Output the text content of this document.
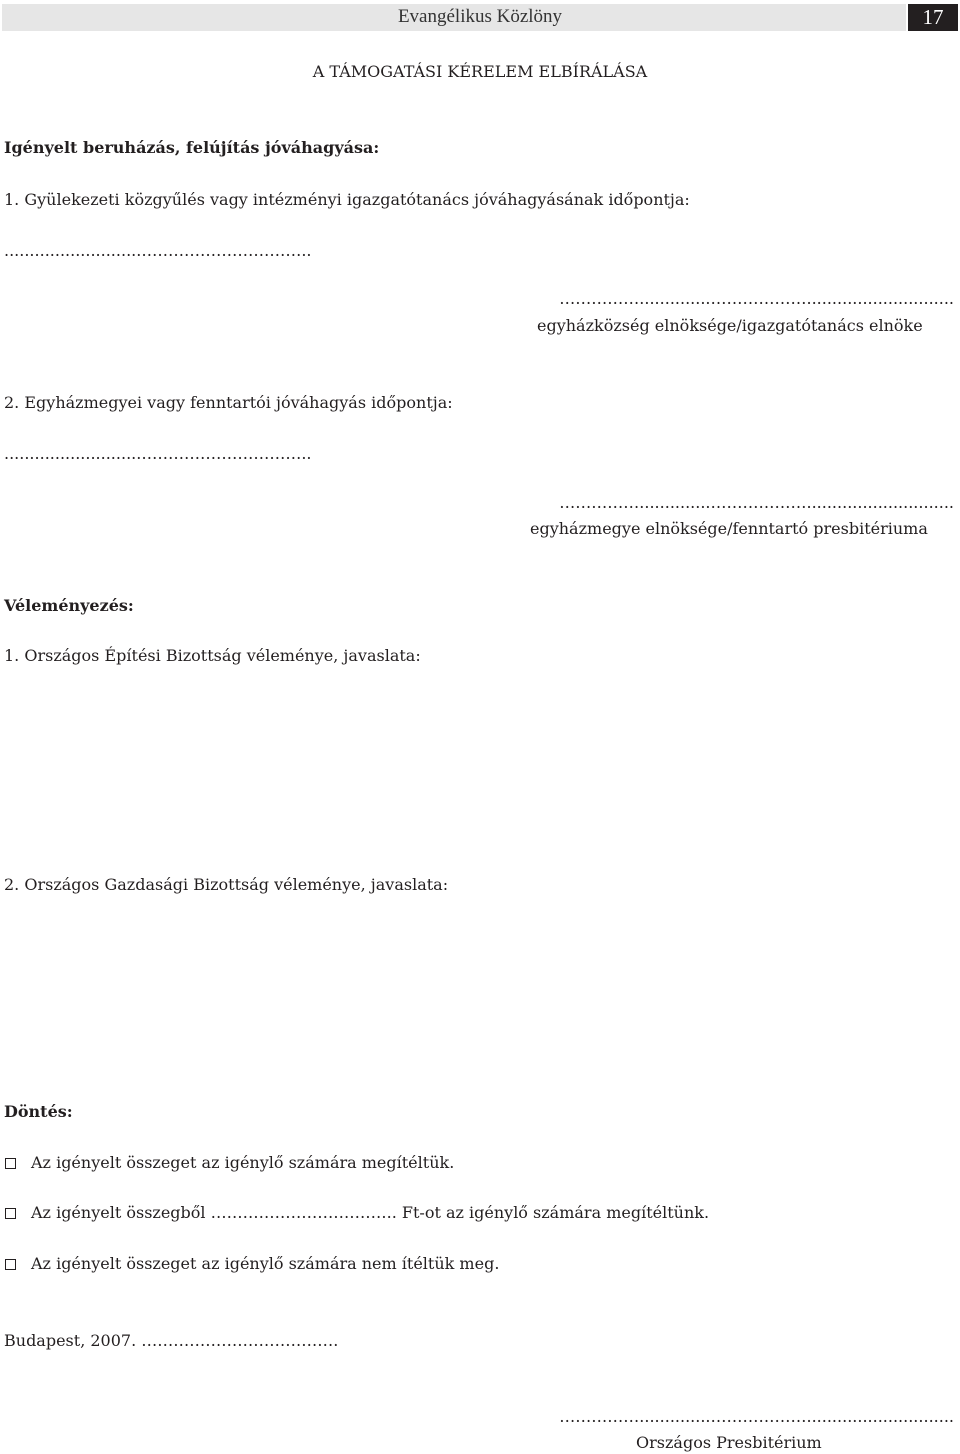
Evangélikus Közlöny	17
A TÁMOGATÁSI KÉRELEM ELBÍRÁLÁSA
Igényelt beruházás, felújítás jóváhagyása:
1. Gyülekezeti közgyűlés vagy intézményi igazgatótanács jóváhagyásának időpontja:
...........................…………………………..
……………..............……………….............................
egyházközség elnöksége/igazgatótanács elnöke
2. Egyházmegyei vagy fenntartói jóváhagyás időpontja:
...........................…………………………..
……………..............……………….............................
egyházmegye elnöksége/fenntartó presbitériuma
Véleményezés:
1. Országos Építési Bizottság véleménye, javaslata:
2. Országos Gazdasági Bizottság véleménye, javaslata:
Döntés:
Az igényelt összeget az igénylő számára megítéltük.
Az igényelt összegből …………………………….. Ft-ot az igénylő számára megítéltünk.
Az igényelt összeget az igénylő számára nem ítéltük meg.
Budapest, 2007. ……………………………….
……………..............……………….............................
Országos Presbitérium
